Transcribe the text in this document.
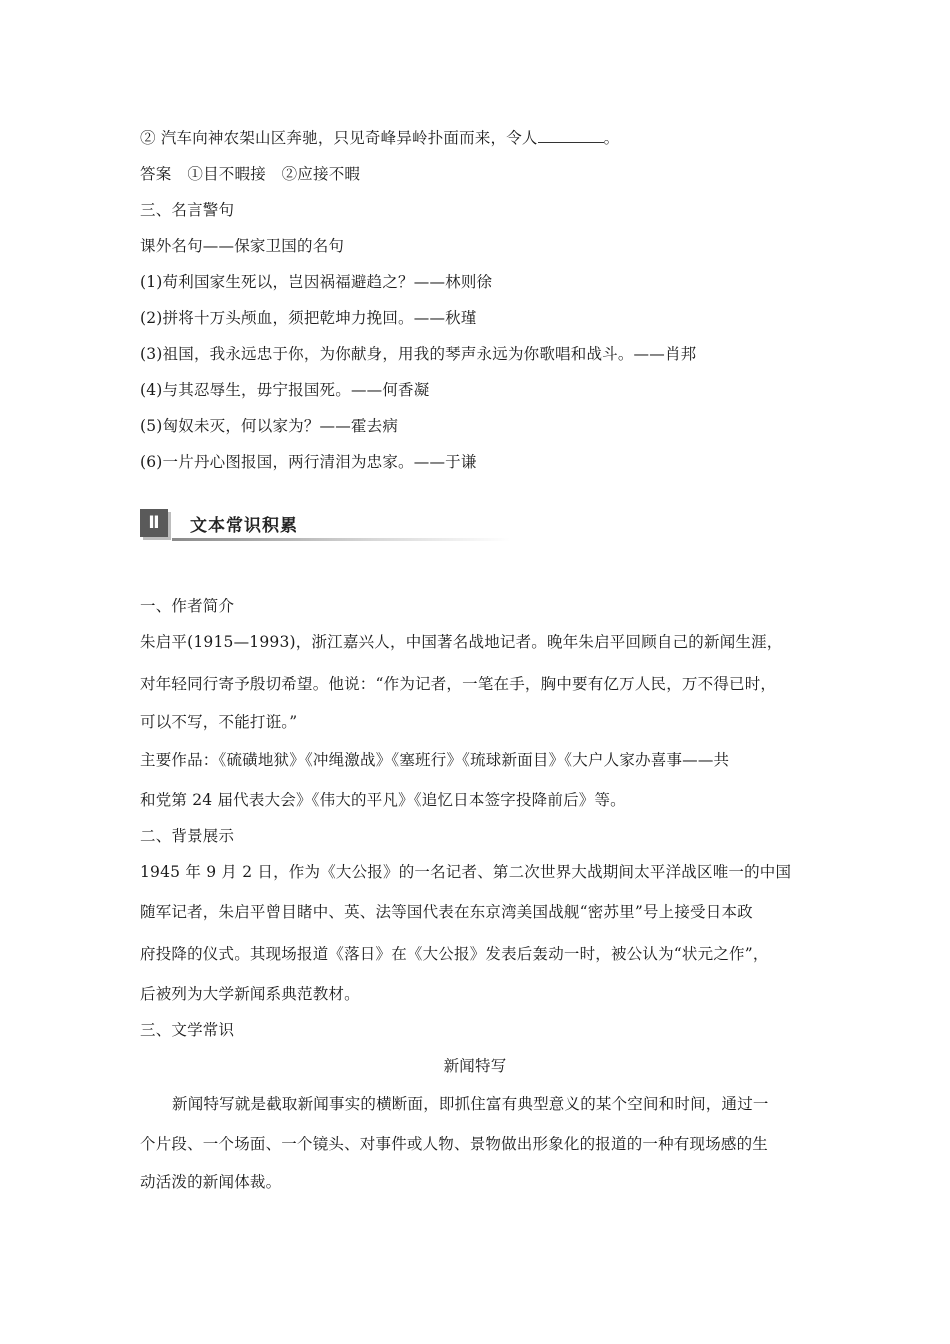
② 汽车向神农架山区奔驰，只见奇峰异岭扑面而来，令人	。
答案 ①目不暇接　②应接不暇
三、名言警句
课外名句——保家卫国的名句
(1)苟利国家生死以，岂因祸福避趋之？——林则徐
(2)拼将十万头颅血，须把乾坤力挽回。——秋瑾
(3)祖国，我永远忠于你，为你献身，用我的琴声永远为你歌唱和战斗。——肖邦
(4)与其忍辱生，毋宁报国死。——何香凝
(5)匈奴未灭，何以家为？——霍去病
(6)一片丹心图报国，两行清泪为忠家。——于谦
Ⅱ	文本常识积累
一、作者简介
朱启平(1915—1993)，浙江嘉兴人，中国著名战地记者。晚年朱启平回顾自己的新闻生涯，
对年轻同行寄予殷切希望。他说：“作为记者，一笔在手，胸中要有亿万人民，万不得已时，
可以不写，不能打诳。”
主要作品：《硫磺地狱》《冲绳激战》《塞班行》《琉球新面目》《大户人家办喜事——共
和党第 24 届代表大会》《伟大的平凡》《追忆日本签字投降前后》等。
二、背景展示
1945 年 9 月 2 日，作为《大公报》的一名记者、第二次世界大战期间太平洋战区唯一的中国
随军记者，朱启平曾目睹中、英、法等国代表在东京湾美国战舰“密苏里”号上接受日本政
府投降的仪式。其现场报道《落日》在《大公报》发表后轰动一时，被公认为“状元之作”，
后被列为大学新闻系典范教材。
三、文学常识
新闻特写
新闻特写就是截取新闻事实的横断面，即抓住富有典型意义的某个空间和时间，通过一
个片段、一个场面、一个镜头、对事件或人物、景物做出形象化的报道的一种有现场感的生
动活泼的新闻体裁。
